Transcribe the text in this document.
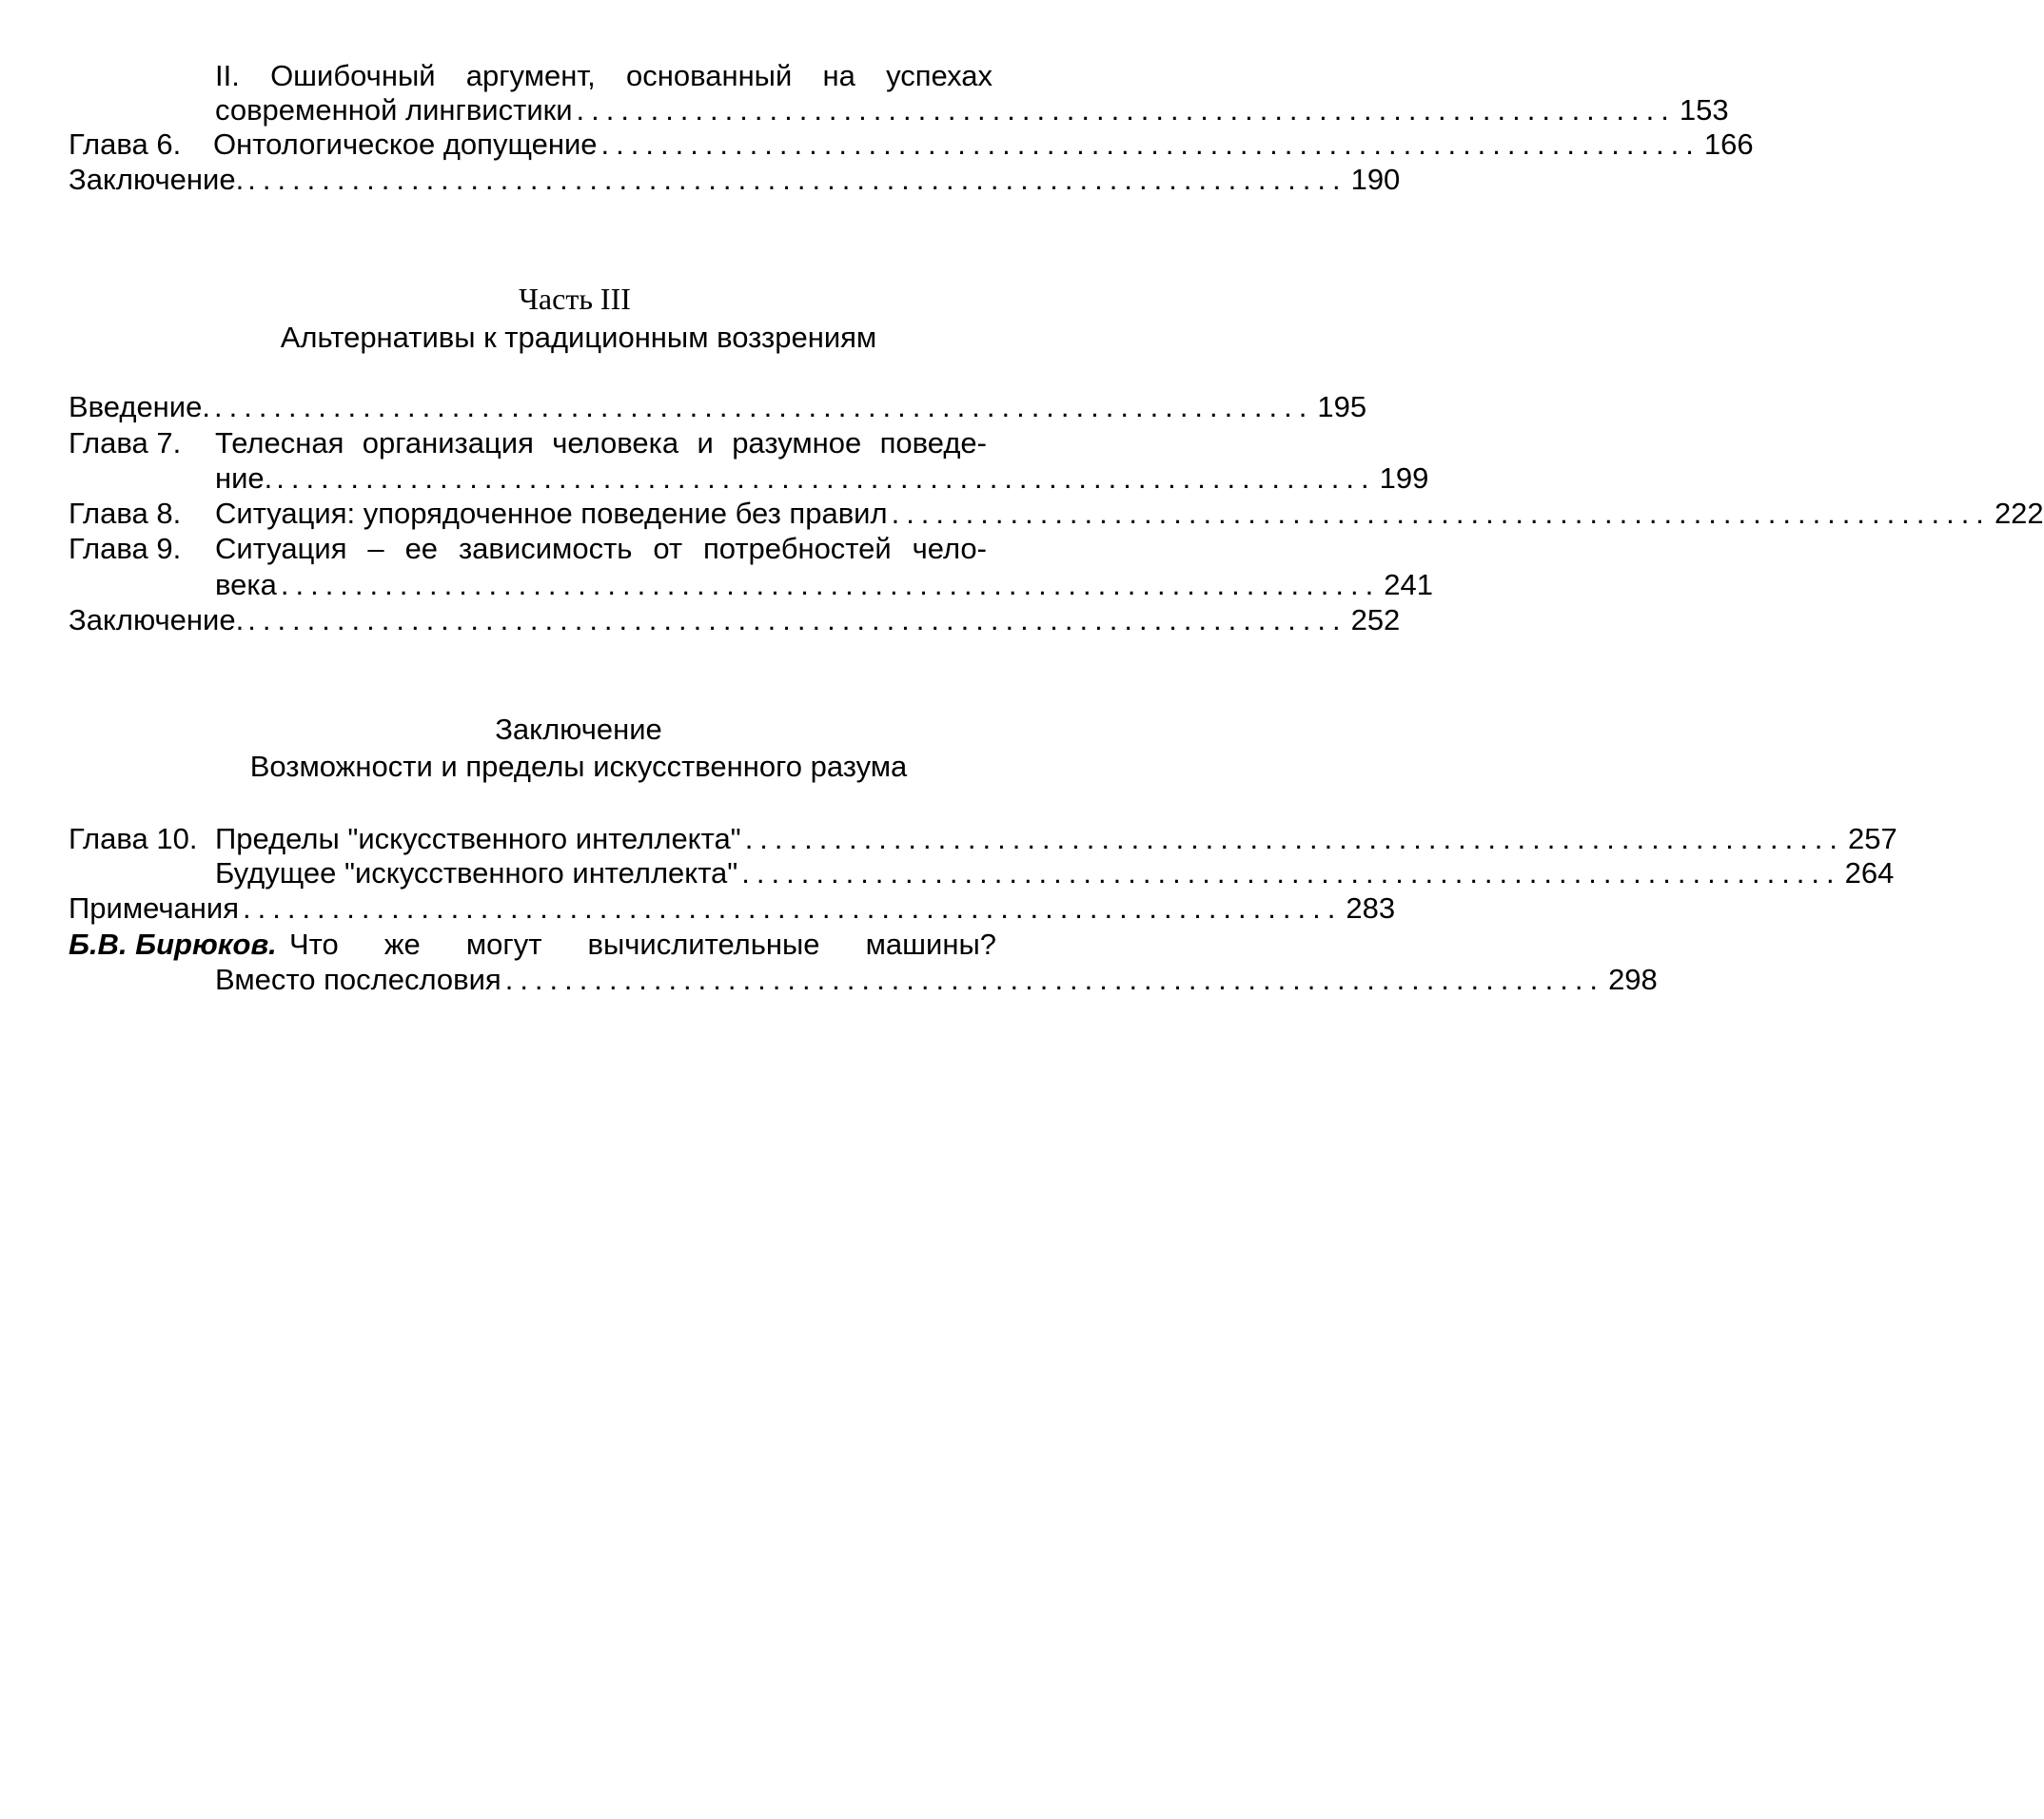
II. Ошибочный аргумент, основанный на успехах
современной лингвистики .......................................................................... 153
Глава 6.	Онтологическое допущение .......................................................................... 166
Заключение. .......................................................................... 190
Часть III
Альтернативы к традиционным воззрениям
Введение. .......................................................................... 195
Глава 7.	Телесная организация человека и разумное поведе-
ние. .......................................................................... 199
Глава 8.	Ситуация: упорядоченное поведение без правил .......................................................................... 222
Глава 9.	Ситуация – ее зависимость от потребностей чело-
века .......................................................................... 241
Заключение. .......................................................................... 252
Заключение
Возможности и пределы искусственного разума
Глава 10. Пределы "искусственного интеллекта" .......................................................................... 257
Будущее "искусственного интеллекта" .......................................................................... 264
Примечания .......................................................................... 283
Б.В. Бирюков. Что же могут вычислительные машины?
Вместо послесловия .......................................................................... 298
